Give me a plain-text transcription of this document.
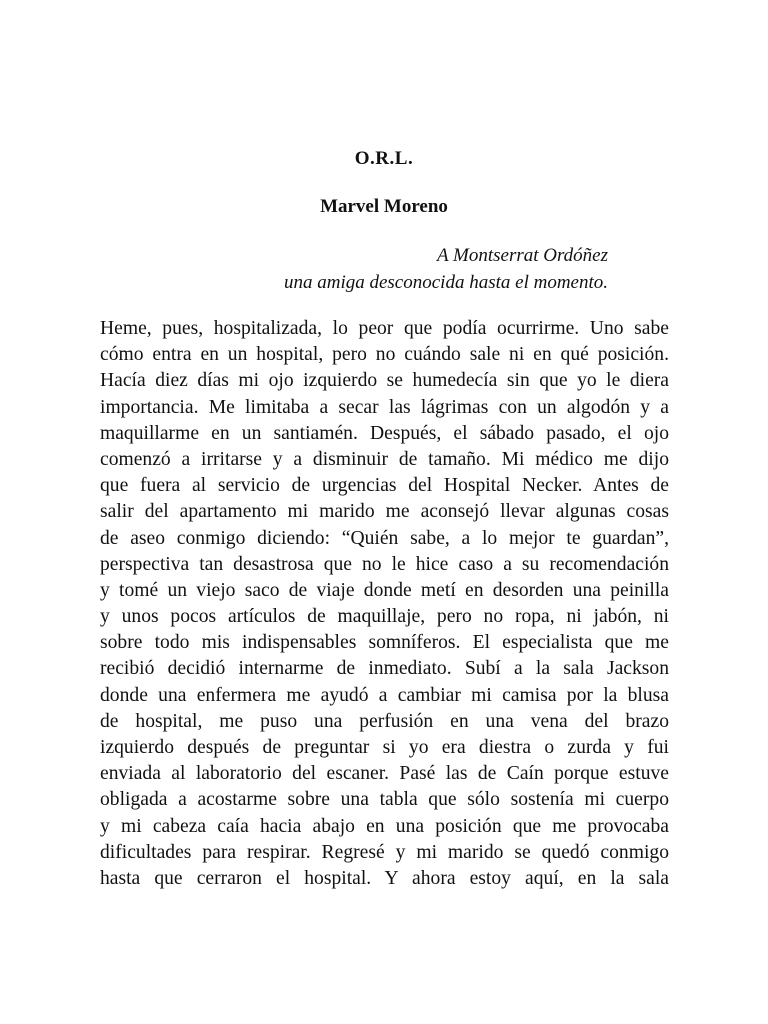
O.R.L.
Marvel Moreno

A Montserrat Ordóñez
una amiga desconocida hasta el momento.

Heme, pues, hospitalizada, lo peor que podía ocurrirme. Uno sabe
cómo entra en un hospital, pero no cuándo sale ni en qué posición.
Hacía diez días mi ojo izquierdo se humedecía sin que yo le diera
importancia. Me limitaba a secar las lágrimas con un algodón y a
maquillarme en un santiamén. Después, el sábado pasado, el ojo
comenzó a irritarse y a disminuir de tamaño. Mi médico me dijo
que fuera al servicio de urgencias del Hospital Necker. Antes de
salir del apartamento mi marido me aconsejó llevar algunas cosas
de aseo conmigo diciendo: “Quién sabe, a lo mejor te guardan”,
perspectiva tan desastrosa que no le hice caso a su recomendación
y tomé un viejo saco de viaje donde metí en desorden una peinilla
y unos pocos artículos de maquillaje, pero no ropa, ni jabón, ni
sobre todo mis indispensables somníferos. El especialista que me
recibió decidió internarme de inmediato. Subí a la sala Jackson
donde una enfermera me ayudó a cambiar mi camisa por la blusa
de hospital, me puso una perfusión en una vena del brazo
izquierdo después de preguntar si yo era diestra o zurda y fui
enviada al laboratorio del escaner. Pasé las de Caín porque estuve
obligada a acostarme sobre una tabla que sólo sostenía mi cuerpo
y mi cabeza caía hacia abajo en una posición que me provocaba
dificultades para respirar. Regresé y mi marido se quedó conmigo
hasta que cerraron el hospital. Y ahora estoy aquí, en la sala
